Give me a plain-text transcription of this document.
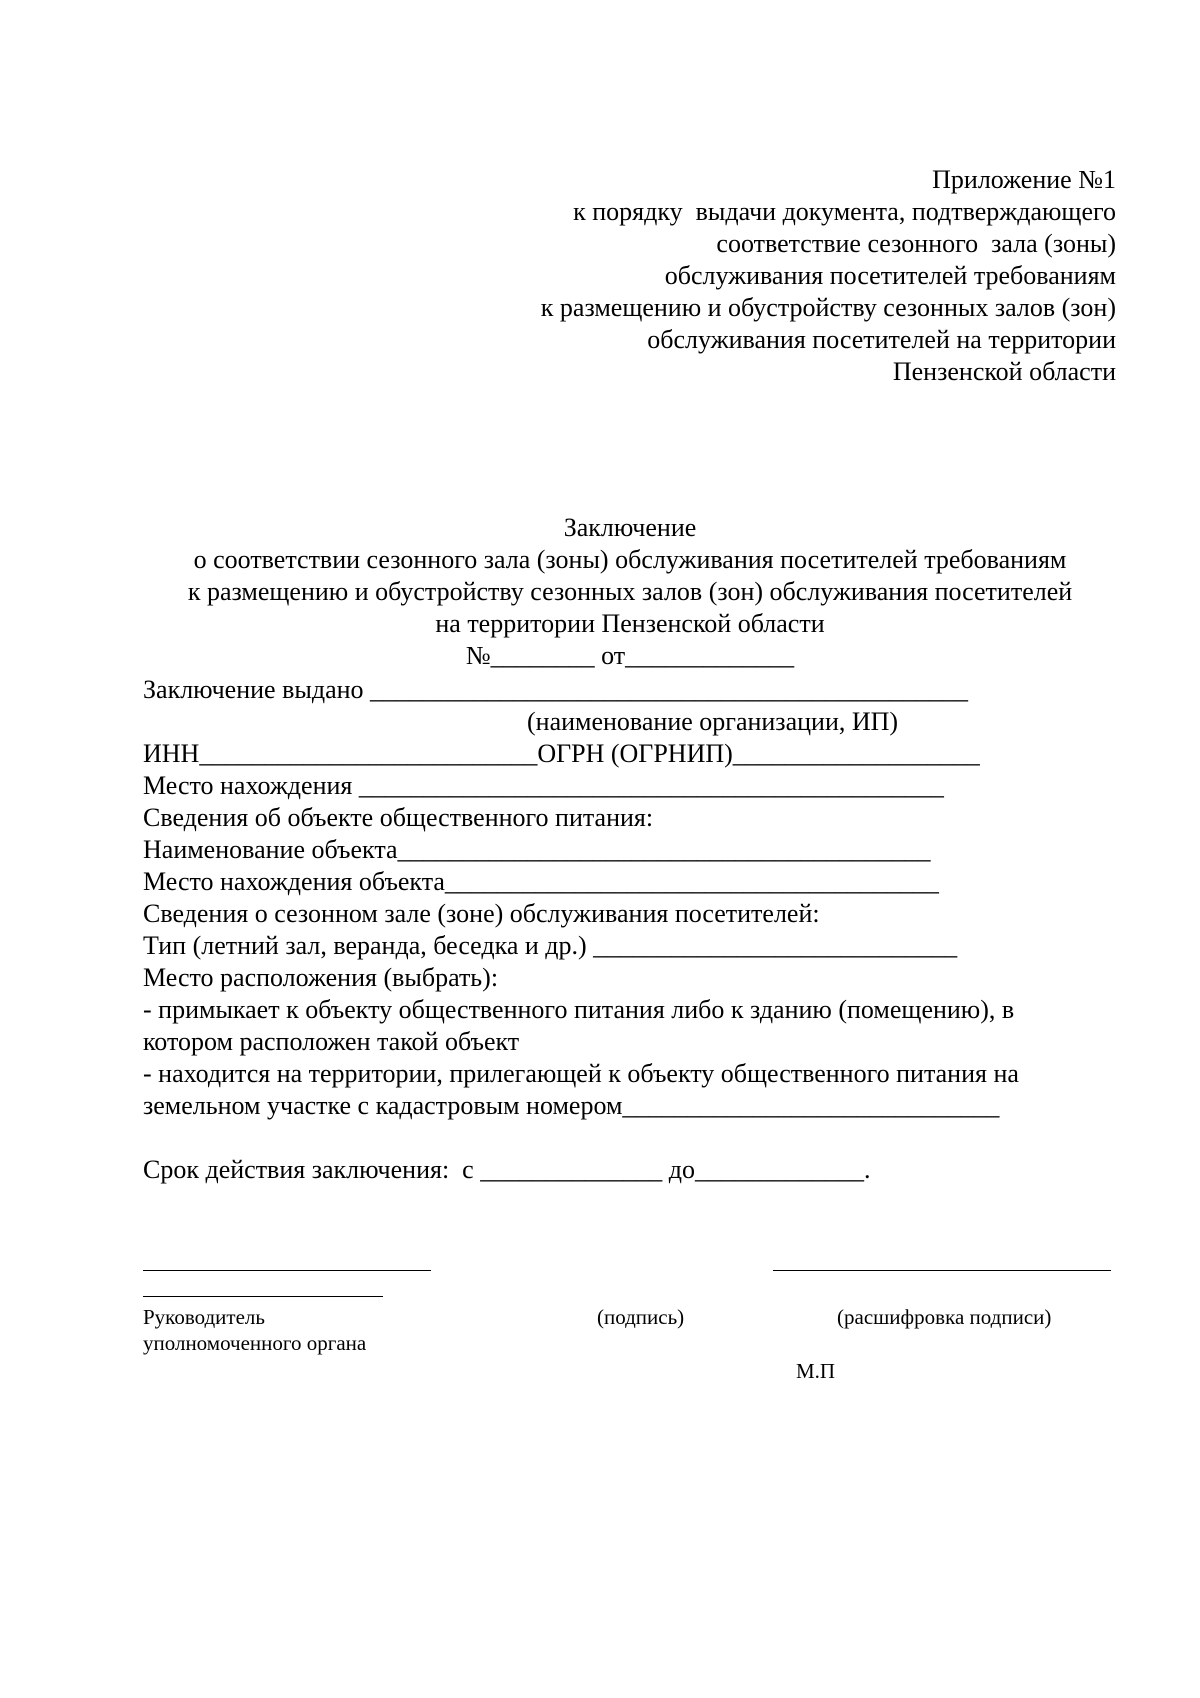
Приложение №1
к порядку  выдачи документа, подтверждающего
соответствие сезонного  зала (зоны)
обслуживания посетителей требованиям
к размещению и обустройству сезонных залов (зон)
обслуживания посетителей на территории
Пензенской области
Заключение
о соответствии сезонного зала (зоны) обслуживания посетителей требованиям
к размещению и обустройству сезонных залов (зон) обслуживания посетителей
на территории Пензенской области
№________ от_____________
Заключение выдано ______________________________________________
(наименование организации, ИП)
ИНН__________________________ОГРН (ОГРНИП)___________________
Место нахождения _____________________________________________
Сведения об объекте общественного питания:
Наименование объекта_________________________________________
Место нахождения объекта______________________________________
Сведения о сезонном зале (зоне) обслуживания посетителей:
Тип (летний зал, веранда, беседка и др.) ____________________________
Место расположения (выбрать):
- примыкает к объекту общественного питания либо к зданию (помещению), в
котором расположен такой объект
- находится на территории, прилегающей к объекту общественного питания на
земельном участке с кадастровым номером_____________________________
Срок действия заключения:  с ______________ до_____________.
Руководитель
уполномоченного органа
(подпись)	(расшифровка подписи)
М.П
